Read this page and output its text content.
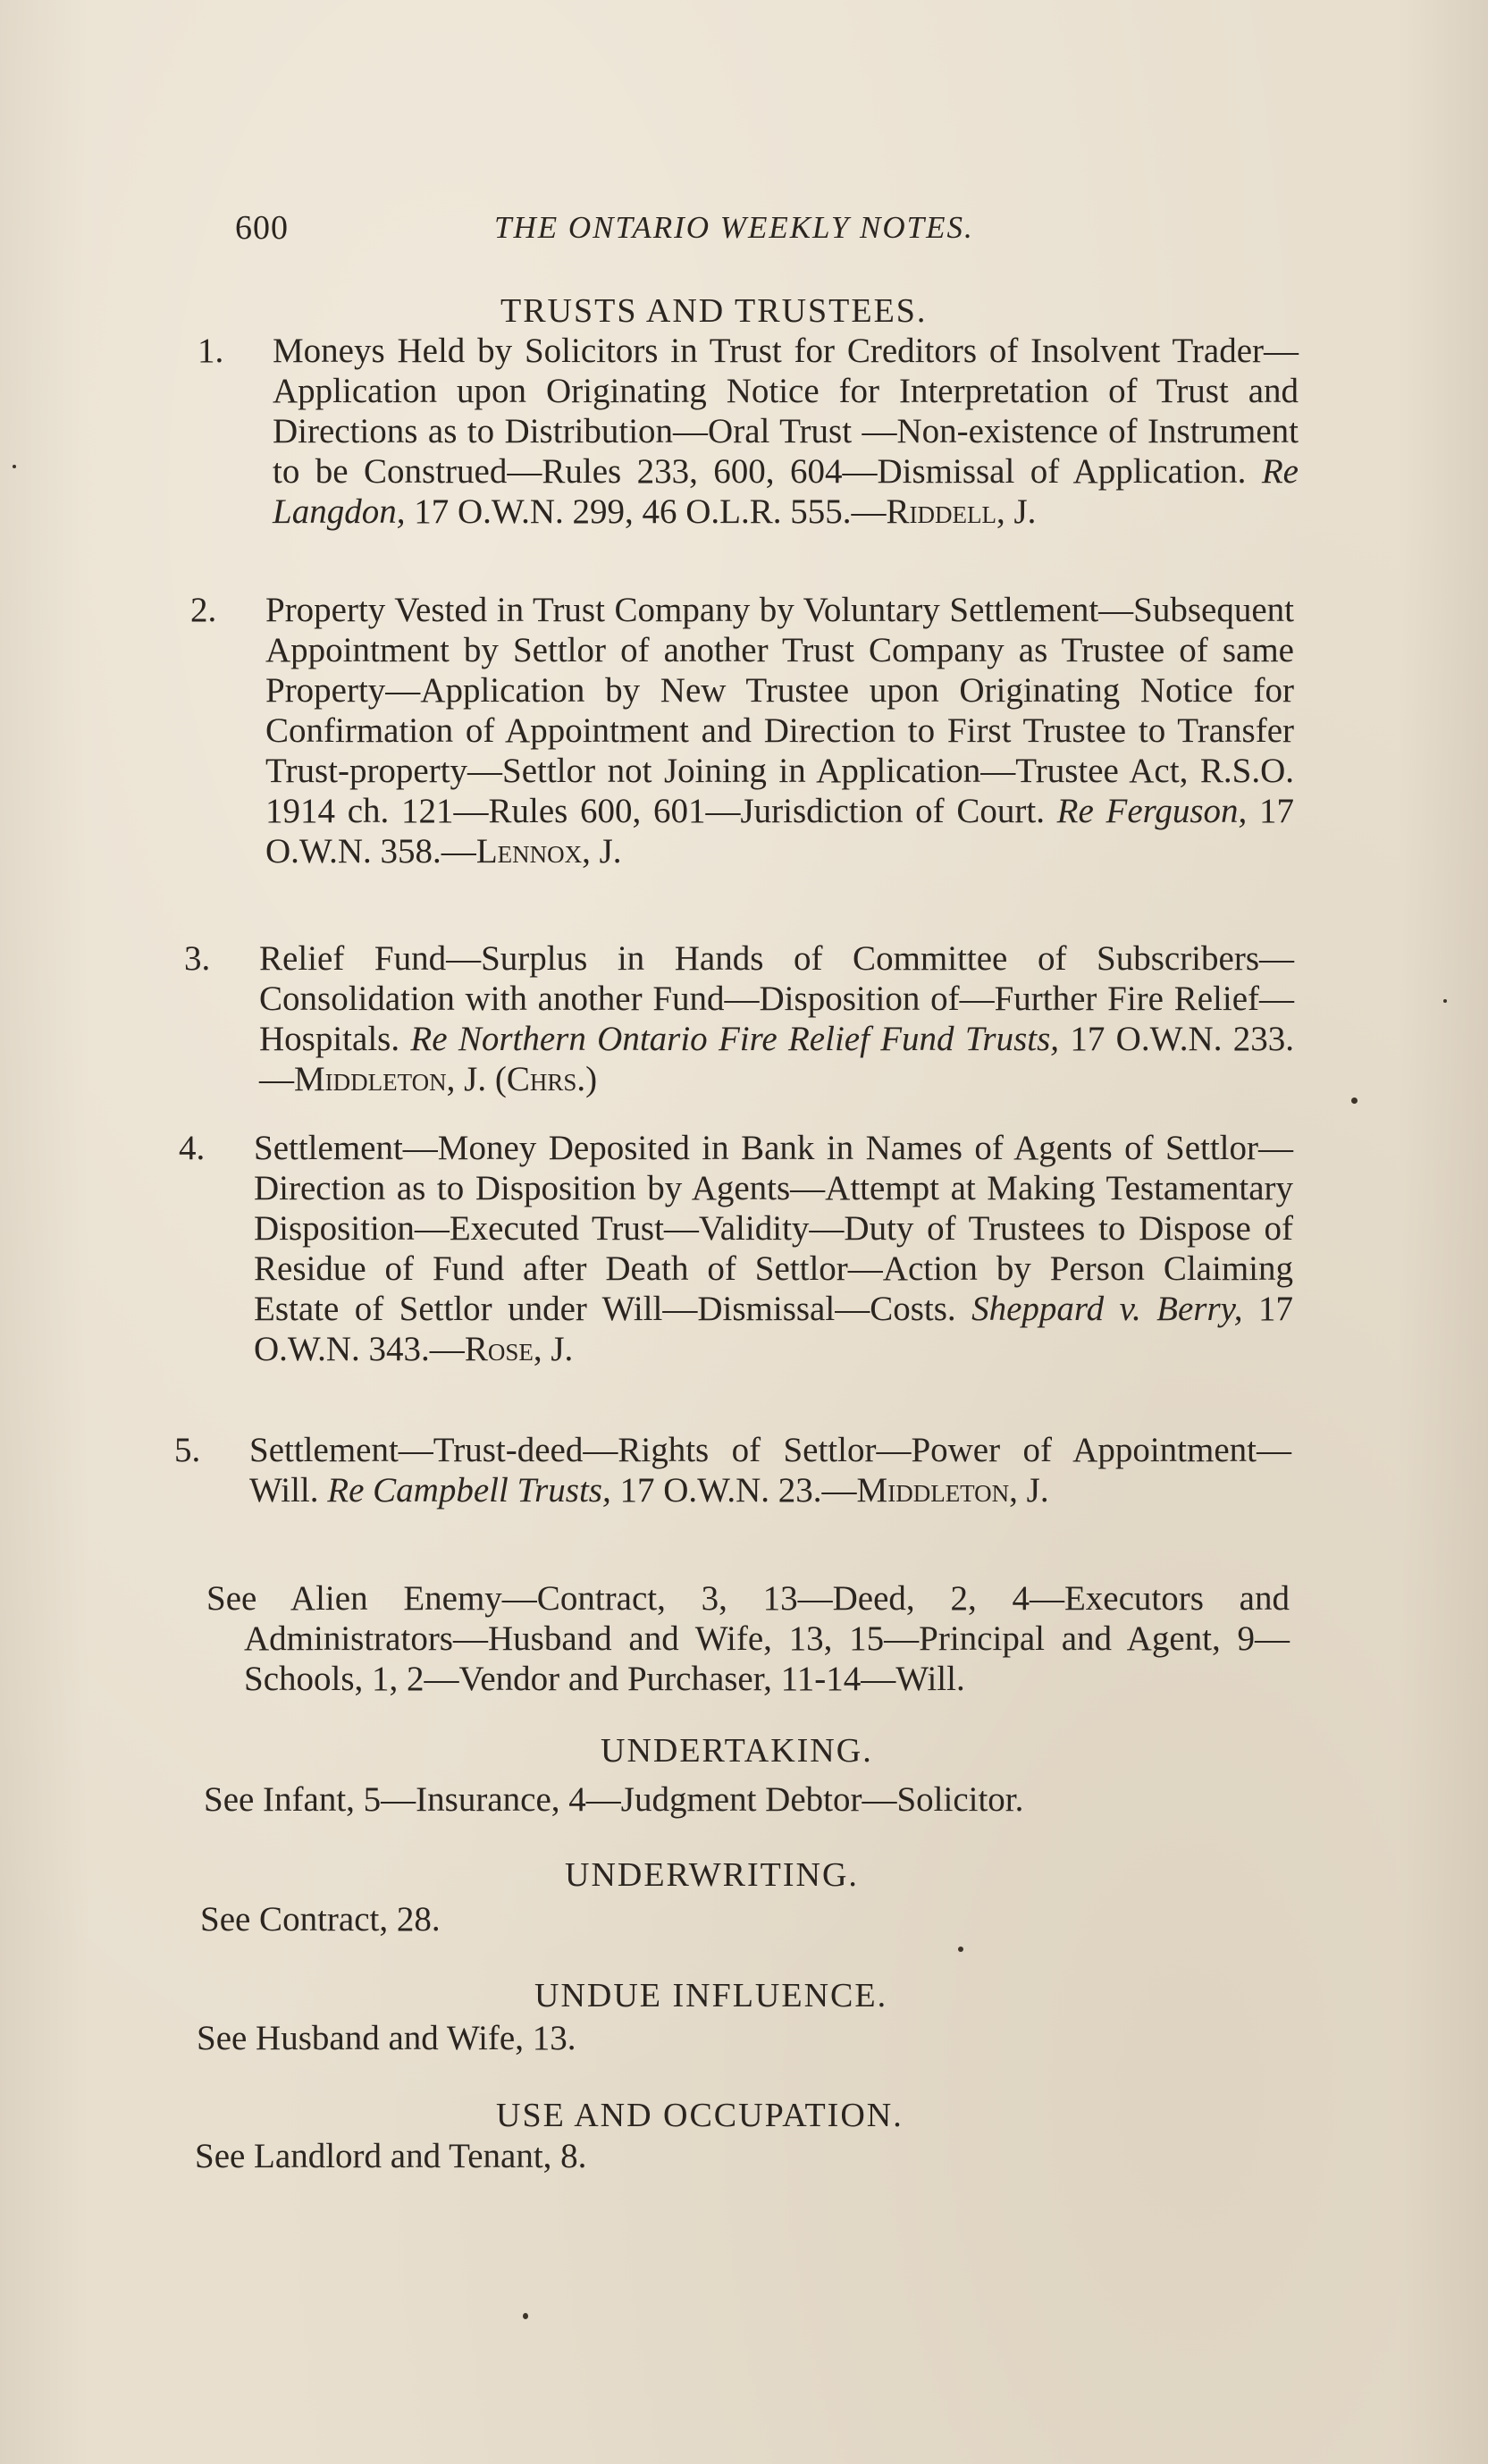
600	THE ONTARIO WEEKLY NOTES.
TRUSTS AND TRUSTEES.
1. Moneys Held by Solicitors in Trust for Creditors of Insolvent Trader—Application upon Originating Notice for Interpretation of Trust and Directions as to Distribution—Oral Trust —Non-existence of Instrument to be Construed—Rules 233, 600, 604—Dismissal of Application. Re Langdon, 17 O.W.N. 299, 46 O.L.R. 555.—Riddell, J.
2. Property Vested in Trust Company by Voluntary Settlement—Subsequent Appointment by Settlor of another Trust Company as Trustee of same Property—Application by New Trustee upon Originating Notice for Confirmation of Appointment and Direction to First Trustee to Transfer Trust-property—Settlor not Joining in Application—Trustee Act, R.S.O. 1914 ch. 121—Rules 600, 601—Jurisdiction of Court. Re Ferguson, 17 O.W.N. 358.—Lennox, J.
3. Relief Fund—Surplus in Hands of Committee of Subscribers—Consolidation with another Fund—Disposition of—Further Fire Relief—Hospitals. Re Northern Ontario Fire Relief Fund Trusts, 17 O.W.N. 233.—Middleton, J. (Chrs.)
4. Settlement—Money Deposited in Bank in Names of Agents of Settlor—Direction as to Disposition by Agents—Attempt at Making Testamentary Disposition—Executed Trust—Validity—Duty of Trustees to Dispose of Residue of Fund after Death of Settlor—Action by Person Claiming Estate of Settlor under Will—Dismissal—Costs. Sheppard v. Berry, 17 O.W.N. 343.—Rose, J.
5. Settlement—Trust-deed—Rights of Settlor—Power of Appointment—Will. Re Campbell Trusts, 17 O.W.N. 23.—Middleton, J.
See Alien Enemy—Contract, 3, 13—Deed, 2, 4—Executors and Administrators—Husband and Wife, 13, 15—Principal and Agent, 9—Schools, 1, 2—Vendor and Purchaser, 11-14—Will.
UNDERTAKING.
See Infant, 5—Insurance, 4—Judgment Debtor—Solicitor.
UNDERWRITING.
See Contract, 28.
UNDUE INFLUENCE.
See Husband and Wife, 13.
USE AND OCCUPATION.
See Landlord and Tenant, 8.
